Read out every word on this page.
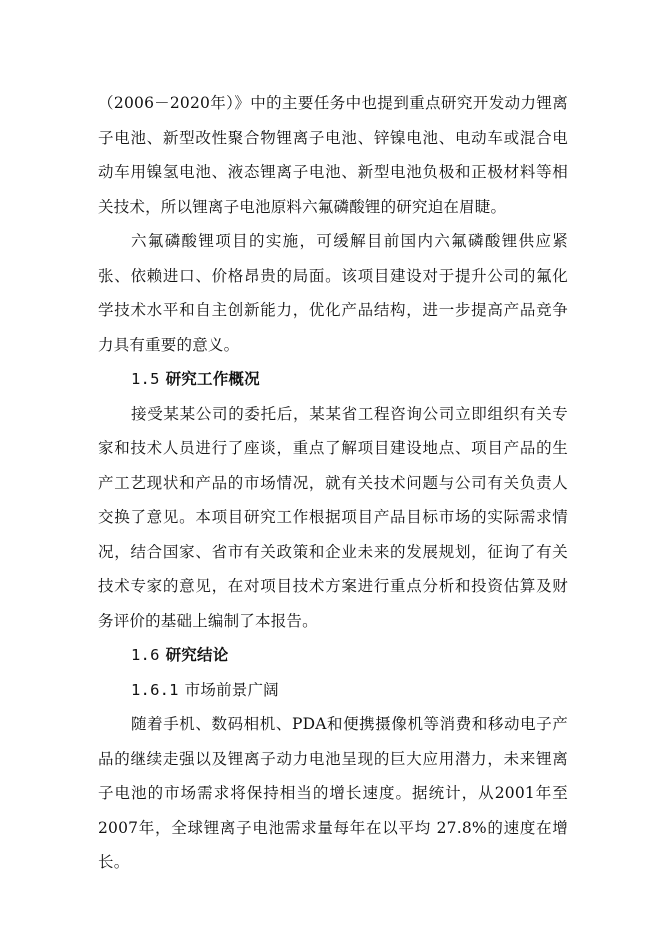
（2006－2020年）》中的主要任务中也提到重点研究开发动力锂离子电池、新型改性聚合物锂离子电池、锌镍电池、电动车或混合电动车用镍氢电池、液态锂离子电池、新型电池负极和正极材料等相关技术，所以锂离子电池原料六氟磷酸锂的研究迫在眉睫。

六氟磷酸锂项目的实施，可缓解目前国内六氟磷酸锂供应紧张、依赖进口、价格昂贵的局面。该项目建设对于提升公司的氟化学技术水平和自主创新能力，优化产品结构，进一步提高产品竞争力具有重要的意义。

1.5 研究工作概况

接受某某公司的委托后，某某省工程咨询公司立即组织有关专家和技术人员进行了座谈，重点了解项目建设地点、项目产品的生产工艺现状和产品的市场情况，就有关技术问题与公司有关负责人交换了意见。本项目研究工作根据项目产品目标市场的实际需求情况，结合国家、省市有关政策和企业未来的发展规划，征询了有关技术专家的意见，在对项目技术方案进行重点分析和投资估算及财务评价的基础上编制了本报告。

1.6 研究结论

1.6.1 市场前景广阔

随着手机、数码相机、PDA和便携摄像机等消费和移动电子产品的继续走强以及锂离子动力电池呈现的巨大应用潜力，未来锂离子电池的市场需求将保持相当的增长速度。据统计，从2001年至2007年，全球锂离子电池需求量每年在以平均 27.8%的速度在增长。
